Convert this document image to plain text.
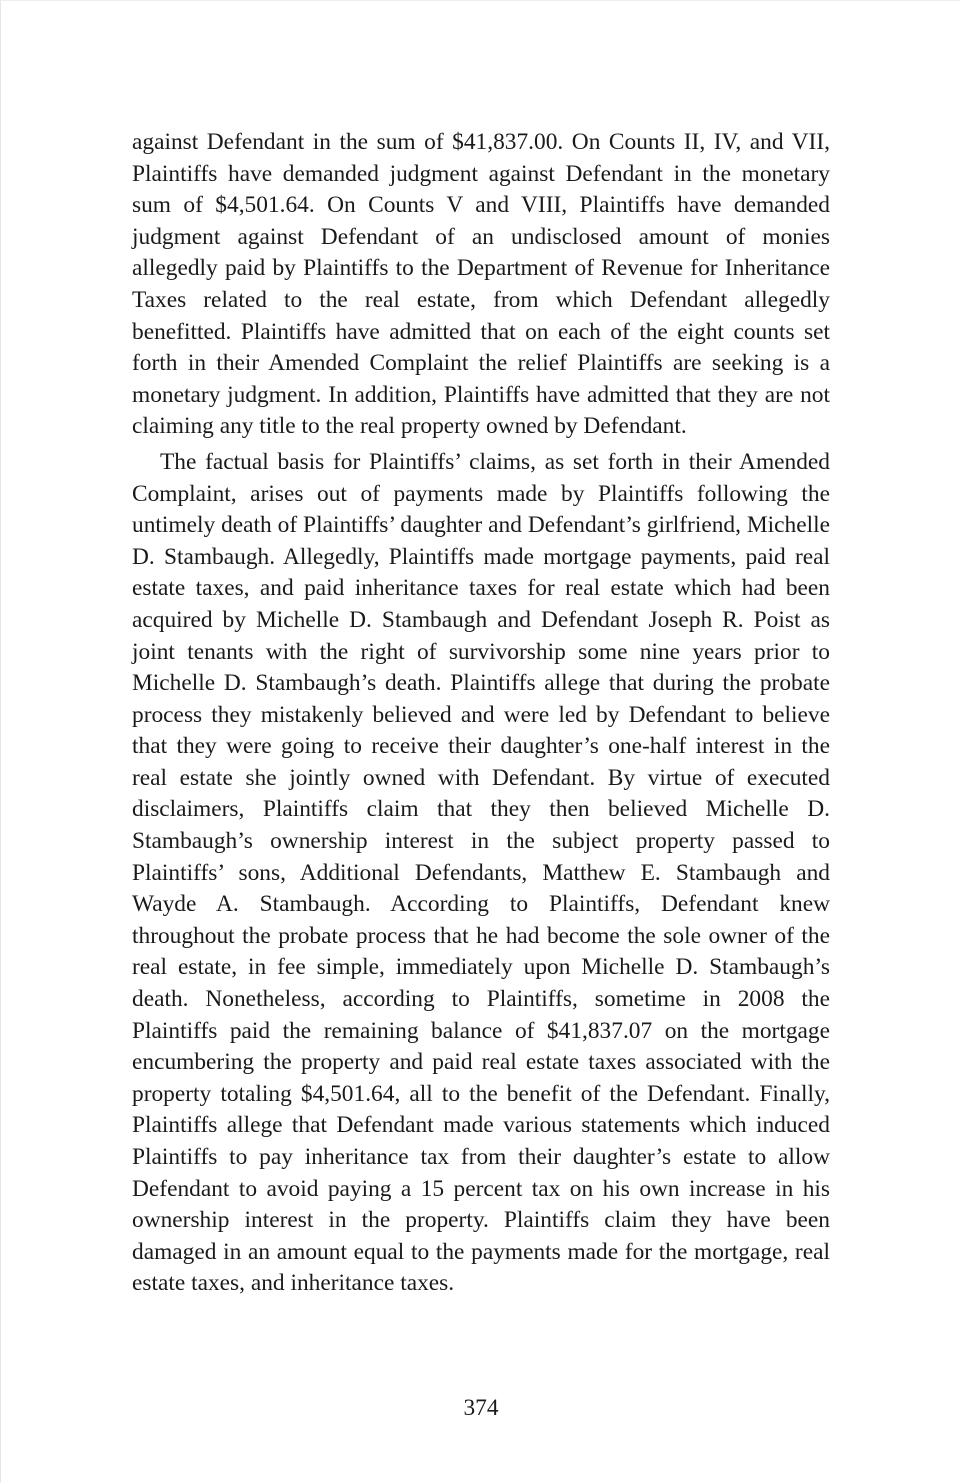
against Defendant in the sum of $41,837.00. On Counts II, IV, and VII, Plaintiffs have demanded judgment against Defendant in the monetary sum of $4,501.64. On Counts V and VIII, Plaintiffs have demanded judgment against Defendant of an undisclosed amount of monies allegedly paid by Plaintiffs to the Department of Revenue for Inheritance Taxes related to the real estate, from which Defendant allegedly benefitted. Plaintiffs have admitted that on each of the eight counts set forth in their Amended Complaint the relief Plaintiffs are seeking is a monetary judgment. In addition, Plaintiffs have admitted that they are not claiming any title to the real property owned by Defendant.

The factual basis for Plaintiffs’ claims, as set forth in their Amended Complaint, arises out of payments made by Plaintiffs following the untimely death of Plaintiffs’ daughter and Defendant’s girlfriend, Michelle D. Stambaugh. Allegedly, Plaintiffs made mortgage payments, paid real estate taxes, and paid inheritance taxes for real estate which had been acquired by Michelle D. Stambaugh and Defendant Joseph R. Poist as joint tenants with the right of survivorship some nine years prior to Michelle D. Stambaugh’s death. Plaintiffs allege that during the probate process they mistakenly believed and were led by Defendant to believe that they were going to receive their daughter’s one-half interest in the real estate she jointly owned with Defendant. By virtue of executed disclaimers, Plaintiffs claim that they then believed Michelle D. Stambaugh’s ownership interest in the subject property passed to Plaintiffs’ sons, Additional Defendants, Matthew E. Stambaugh and Wayde A. Stambaugh. According to Plaintiffs, Defendant knew throughout the probate process that he had become the sole owner of the real estate, in fee simple, immediately upon Michelle D. Stambaugh’s death. Nonetheless, according to Plaintiffs, sometime in 2008 the Plaintiffs paid the remaining balance of $41,837.07 on the mortgage encumbering the property and paid real estate taxes associated with the property totaling $4,501.64, all to the benefit of the Defendant. Finally, Plaintiffs allege that Defendant made various statements which induced Plaintiffs to pay inheritance tax from their daughter’s estate to allow Defendant to avoid paying a 15 percent tax on his own increase in his ownership interest in the property. Plaintiffs claim they have been damaged in an amount equal to the payments made for the mortgage, real estate taxes, and inheritance taxes.

374
